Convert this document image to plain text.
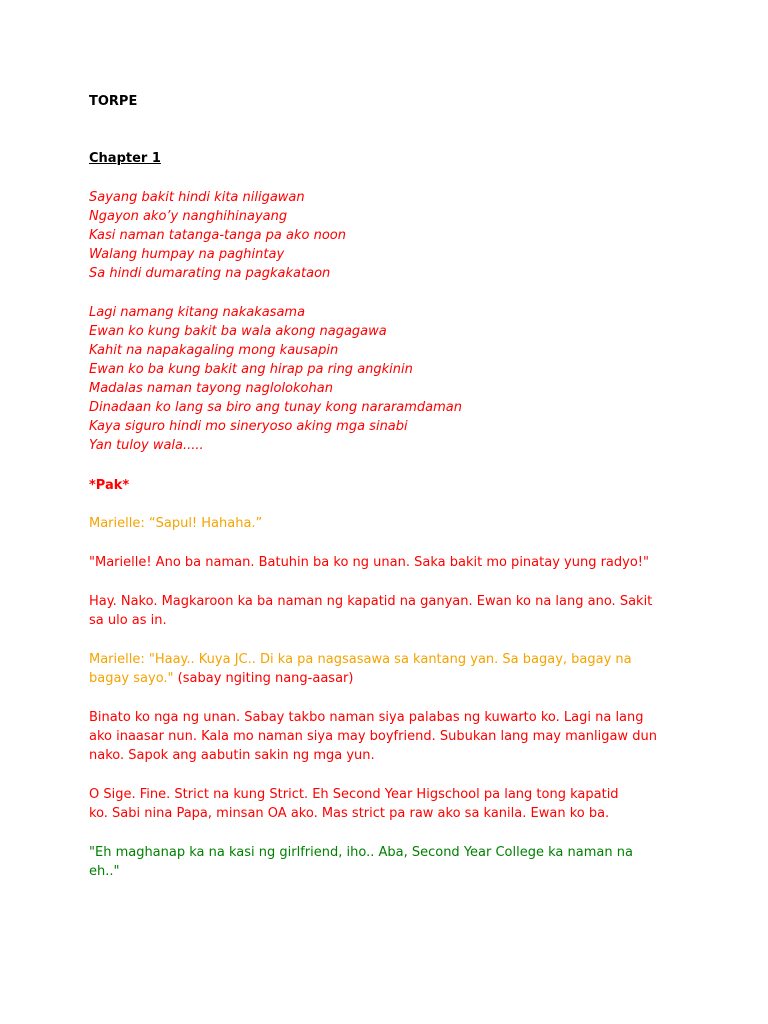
TORPE
Chapter 1
Sayang bakit hindi kita niligawan
Ngayon ako’y nanghihinayang
Kasi naman tatanga-tanga pa ako noon
Walang humpay na paghintay
Sa hindi dumarating na pagkakataon
Lagi namang kitang nakakasama
Ewan ko kung bakit ba wala akong nagagawa
Kahit na napakagaling mong kausapin
Ewan ko ba kung bakit ang hirap pa ring angkinin
Madalas naman tayong naglolokohan
Dinadaan ko lang sa biro ang tunay kong nararamdaman
Kaya siguro hindi mo sineryoso aking mga sinabi
Yan tuloy wala.....
*Pak*
Marielle: “Sapul! Hahaha.”
"Marielle! Ano ba naman. Batuhin ba ko ng unan. Saka bakit mo pinatay yung radyo!"
Hay. Nako. Magkaroon ka ba naman ng kapatid na ganyan. Ewan ko na lang ano. Sakit
sa ulo as in.
Marielle: "Haay.. Kuya JC.. Di ka pa nagsasawa sa kantang yan. Sa bagay, bagay na
bagay sayo." (sabay ngiting nang-aasar)
Binato ko nga ng unan. Sabay takbo naman siya palabas ng kuwarto ko. Lagi na lang
ako inaasar nun. Kala mo naman siya may boyfriend. Subukan lang may manligaw dun
nako. Sapok ang aabutin sakin ng mga yun.
O Sige. Fine. Strict na kung Strict. Eh Second Year Higschool pa lang tong kapatid
ko. Sabi nina Papa, minsan OA ako. Mas strict pa raw ako sa kanila. Ewan ko ba.
"Eh maghanap ka na kasi ng girlfriend, iho.. Aba, Second Year College ka naman na
eh.."
